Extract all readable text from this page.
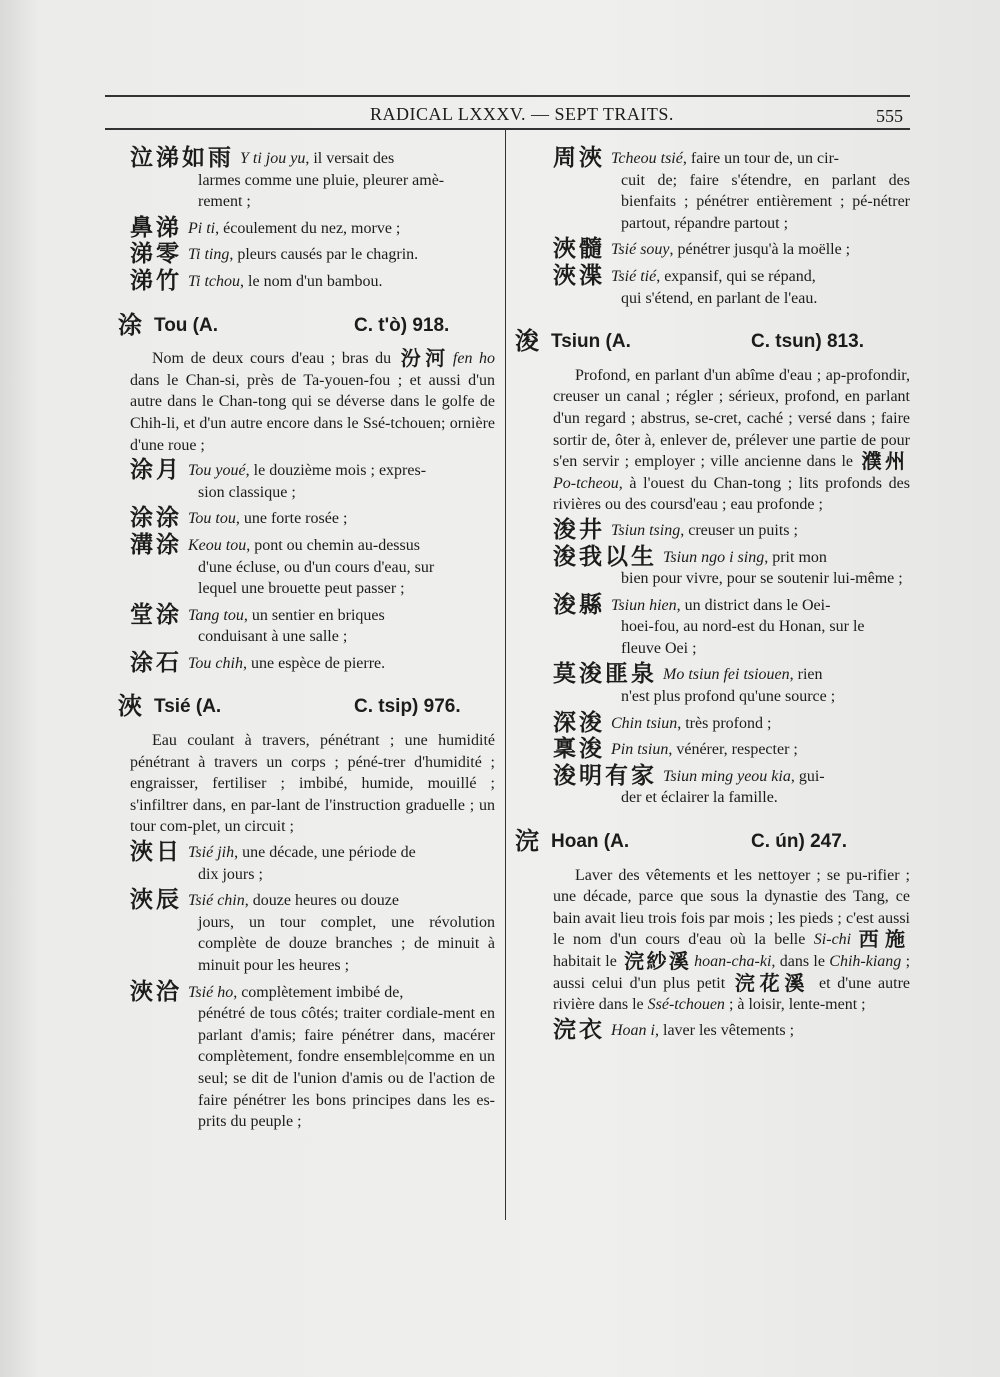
RADICAL LXXXV. — SEPT TRAITS.	555
泣涕如雨 Y ti jou yu, il versait des
larmes comme une pluie, pleurer amè-
rement ;
鼻涕 Pi ti, écoulement du nez, morve ;
涕零 Ti ting, pleurs causés par le chagrin.
涕竹 Ti tchou, le nom d'un bambou.
涂 Tou (A.	C. t'ò) 918.
Nom de deux cours d'eau ; bras du 汾河 fen ho dans le Chan-si, près de Ta-youen-fou ; et aussi d'un autre dans le Chan-tong qui se déverse dans le golfe de Chih-li, et d'un autre encore dans le Ssé-tchouen; ornière d'une roue ;
涂月 Tou youé, le douzième mois ; expres-
sion classique ;
涂涂 Tou tou, une forte rosée ;
溝涂 Keou tou, pont ou chemin au-dessus
d'une écluse, ou d'un cours d'eau, sur
lequel une brouette peut passer ;
堂涂 Tang tou, un sentier en briques
conduisant à une salle ;
涂石 Tou chih, une espèce de pierre.
浹 Tsié (A.	C. tsip) 976.
Eau coulant à travers, pénétrant ; une humidité pénétrant à travers un corps ; péné-trer d'humidité ; engraisser, fertiliser ; imbibé, humide, mouillé ; s'infiltrer dans, en par-lant de l'instruction graduelle ; un tour com-plet, un circuit ;
浹日 Tsié jih, une décade, une période de
dix jours ;
浹辰 Tsié chin, douze heures ou douze
jours, un tour complet, une révolution complète de douze branches ; de minuit à minuit pour les heures ;
浹洽 Tsié ho, complètement imbibé de,
pénétré de tous côtés; traiter cordiale-ment en parlant d'amis; faire pénétrer dans, macérer complètement, fondre ensemble|comme en un seul; se dit de l'union d'amis ou de l'action de faire pénétrer les bons principes dans les es-prits du peuple ;
周浹 Tcheou tsié, faire un tour de, un cir-
cuit de; faire s'étendre, en parlant des bienfaits ; pénétrer entièrement ; pé-nétrer partout, répandre partout ;
浹髓 Tsié souy, pénétrer jusqu'à la moëlle ;
浹渫 Tsié tié, expansif, qui se répand,
qui s'étend, en parlant de l'eau.
浚 Tsiun (A.	C. tsun) 813.
Profond, en parlant d'un abîme d'eau ; ap-profondir, creuser un canal ; régler ; sérieux, profond, en parlant d'un regard ; abstrus, se-cret, caché ; versé dans ; faire sortir de, ôter à, enlever de, prélever une partie de pour s'en servir ; employer ; ville ancienne dans le 濮州Po-tcheou, à l'ouest du Chan-tong ; lits profonds des rivières ou des coursd'eau ; eau profonde ;
浚井 Tsiun tsing, creuser un puits ;
浚我以生 Tsiun ngo i sing, prit mon
bien pour vivre, pour se soutenir lui-même ;
浚縣 Tsiun hien, un district dans le Oei-
hoei-fou, au nord-est du Honan, sur le
fleuve Oei ;
莫浚匪泉 Mo tsiun fei tsiouen, rien
n'est plus profond qu'une source ;
深浚 Chin tsiun, très profond ;
稟浚 Pin tsiun, vénérer, respecter ;
浚明有家 Tsiun ming yeou kia, gui-
der et éclairer la famille.
浣 Hoan (A.	C. ún) 247.
Laver des vêtements et les nettoyer ; se pu-rifier ; une décade, parce que sous la dynastie des Tang, ce bain avait lieu trois fois par mois ; les pieds ; c'est aussi le nom d'un cours d'eau où la belle Si-chi 西施 habitait le 浣紗溪 hoan-cha-ki, dans le Chih-kiang ; aussi celui d'un plus petit 浣花溪 et d'une autre rivière dans le Ssé-tchouen ; à loisir, lente-ment ;
浣衣 Hoan i, laver les vêtements ;
